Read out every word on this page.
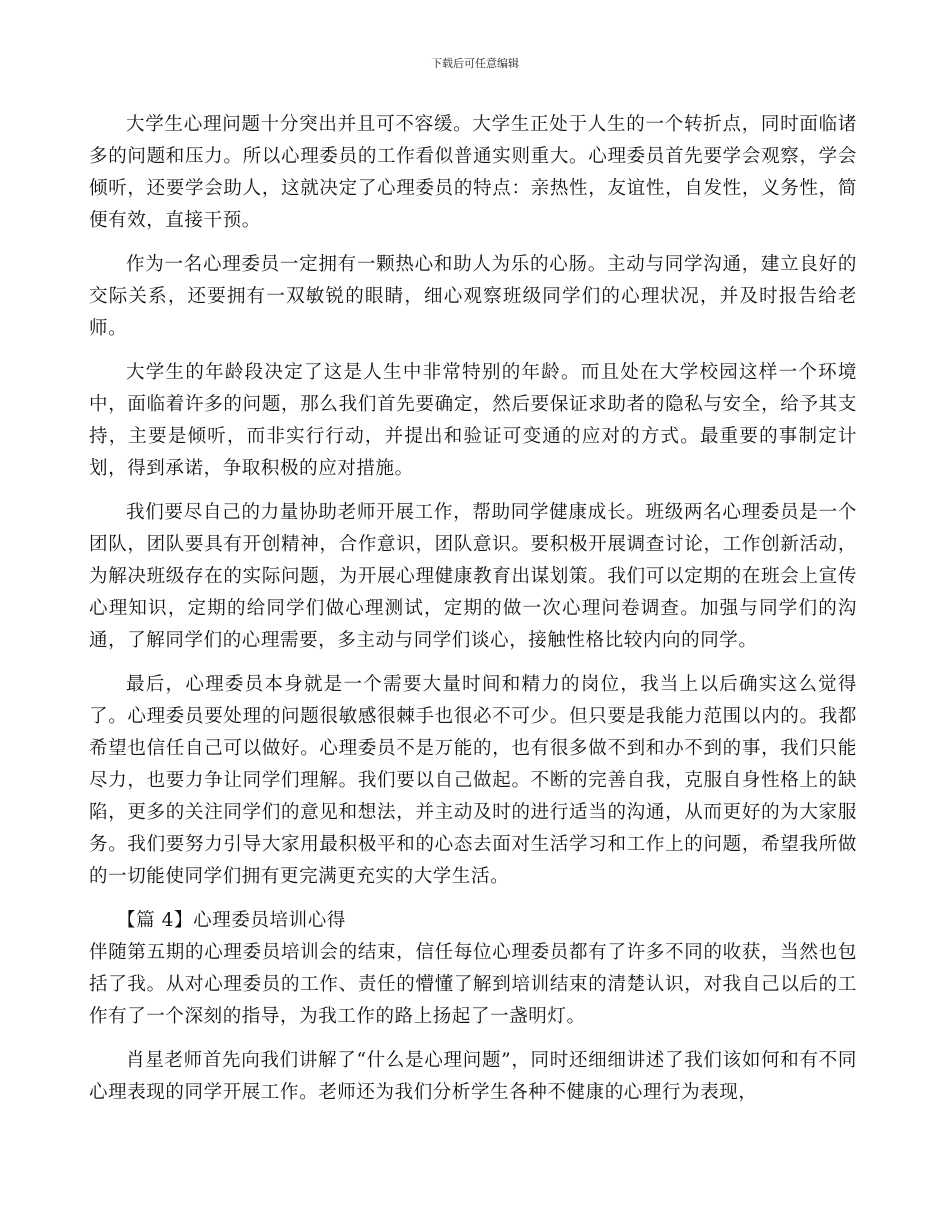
下载后可任意编辑

大学生心理问题十分突出并且可不容缓。大学生正处于人生的一个转折点，同时面临诸多的问题和压力。所以心理委员的工作看似普通实则重大。心理委员首先要学会观察，学会倾听，还要学会助人，这就决定了心理委员的特点：亲热性，友谊性，自发性，义务性，简便有效，直接干预。

作为一名心理委员一定拥有一颗热心和助人为乐的心肠。主动与同学沟通，建立良好的交际关系，还要拥有一双敏锐的眼睛，细心观察班级同学们的心理状况，并及时报告给老师。

大学生的年龄段决定了这是人生中非常特别的年龄。而且处在大学校园这样一个环境中，面临着许多的问题，那么我们首先要确定，然后要保证求助者的隐私与安全，给予其支持，主要是倾听，而非实行行动，并提出和验证可变通的应对的方式。最重要的事制定计划，得到承诺，争取积极的应对措施。

我们要尽自己的力量协助老师开展工作，帮助同学健康成长。班级两名心理委员是一个团队，团队要具有开创精神，合作意识，团队意识。要积极开展调查讨论，工作创新活动，为解决班级存在的实际问题，为开展心理健康教育出谋划策。我们可以定期的在班会上宣传心理知识，定期的给同学们做心理测试，定期的做一次心理问卷调查。加强与同学们的沟通，了解同学们的心理需要，多主动与同学们谈心，接触性格比较内向的同学。

最后，心理委员本身就是一个需要大量时间和精力的岗位，我当上以后确实这么觉得了。心理委员要处理的问题很敏感很棘手也很必不可少。但只要是我能力范围以内的。我都希望也信任自己可以做好。心理委员不是万能的，也有很多做不到和办不到的事，我们只能尽力，也要力争让同学们理解。我们要以自己做起。不断的完善自我，克服自身性格上的缺陷，更多的关注同学们的意见和想法，并主动及时的进行适当的沟通，从而更好的为大家服务。我们要努力引导大家用最积极平和的心态去面对生活学习和工作上的问题，希望我所做的一切能使同学们拥有更完满更充实的大学生活。

【篇 4】心理委员培训心得

伴随第五期的心理委员培训会的结束，信任每位心理委员都有了许多不同的收获，当然也包括了我。从对心理委员的工作、责任的懵懂了解到培训结束的清楚认识，对我自己以后的工作有了一个深刻的指导，为我工作的路上扬起了一盏明灯。

肖星老师首先向我们讲解了“什么是心理问题”，同时还细细讲述了我们该如何和有不同心理表现的同学开展工作。老师还为我们分析学生各种不健康的心理行为表现，
